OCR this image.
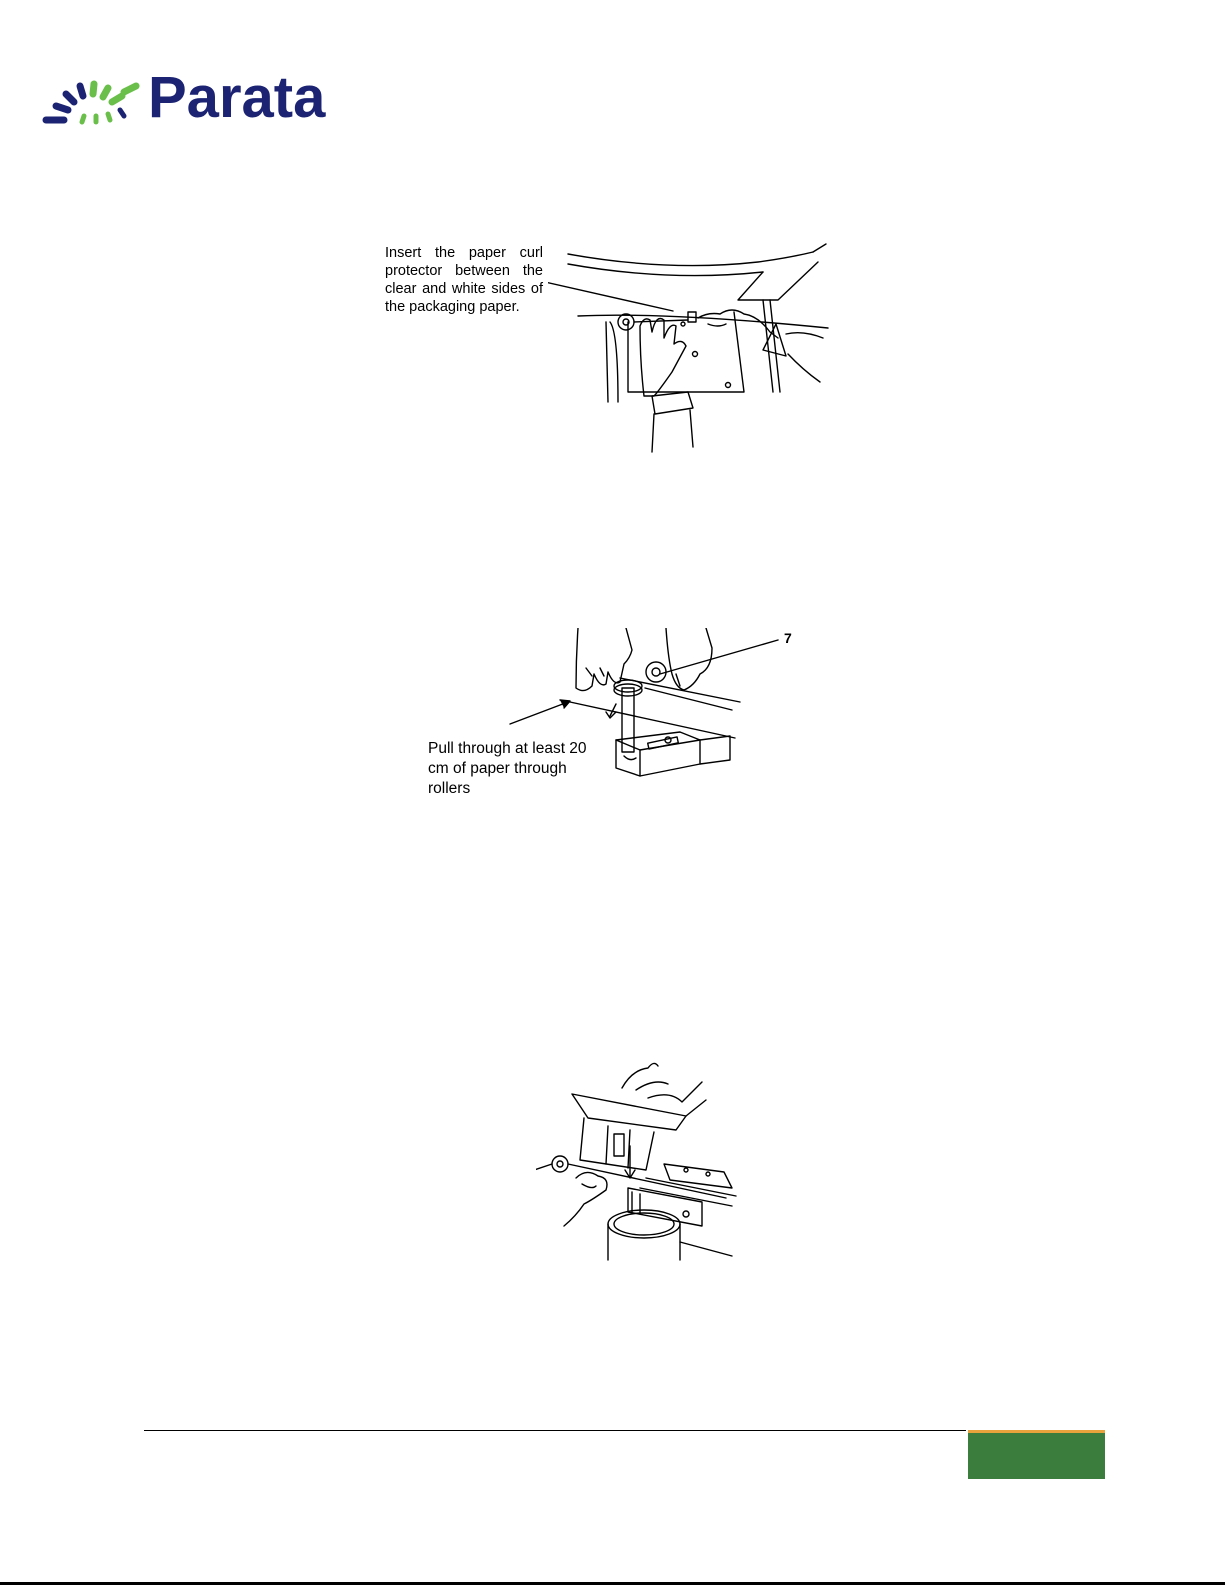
Parata
Insert the paper curl protector between the clear and white sides of the packaging paper.
Pull through at least 20 cm of paper through rollers
7
